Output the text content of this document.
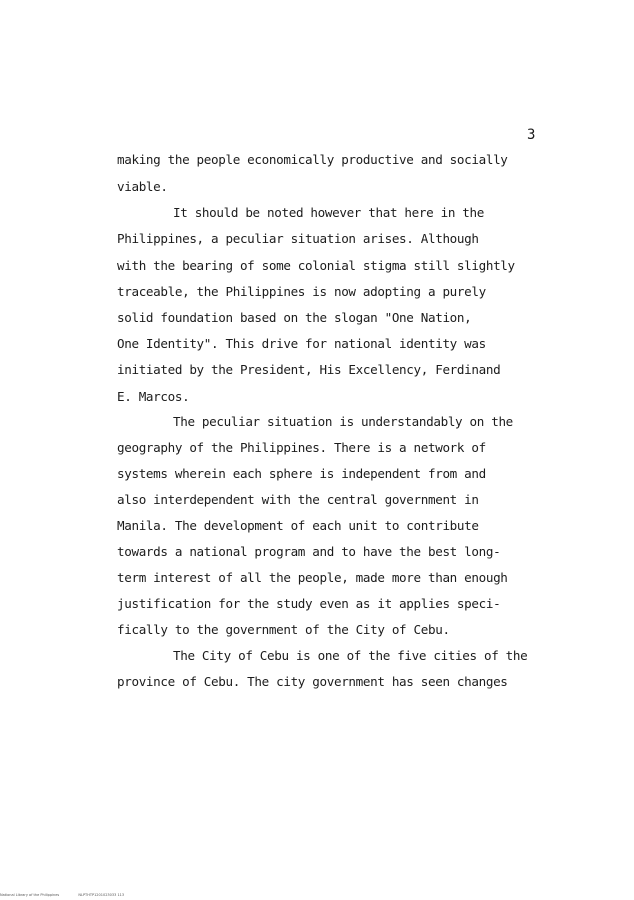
3
making the people economically productive and socially
viable.
It should be noted however that here in the
Philippines, a peculiar situation arises. Although
with the bearing of some colonial stigma still slightly
traceable, the Philippines is now adopting a purely
solid foundation based on the slogan "One Nation,
One Identity". This drive for national identity was
initiated by the President, His Excellency, Ferdinand
E. Marcos.
The peculiar situation is understandably on the
geography of the Philippines. There is a network of
systems wherein each sphere is independent from and
also interdependent with the central government in
Manila. The development of each unit to contribute
towards a national program and to have the best long-
term interest of all the people, made more than enough
justification for the study even as it applies speci-
fically to the government of the City of Cebu.
The City of Cebu is one of the five cities of the
province of Cebu. The city government has seen changes
National Library of the Philippines	NLPTHTP1201023033 113
